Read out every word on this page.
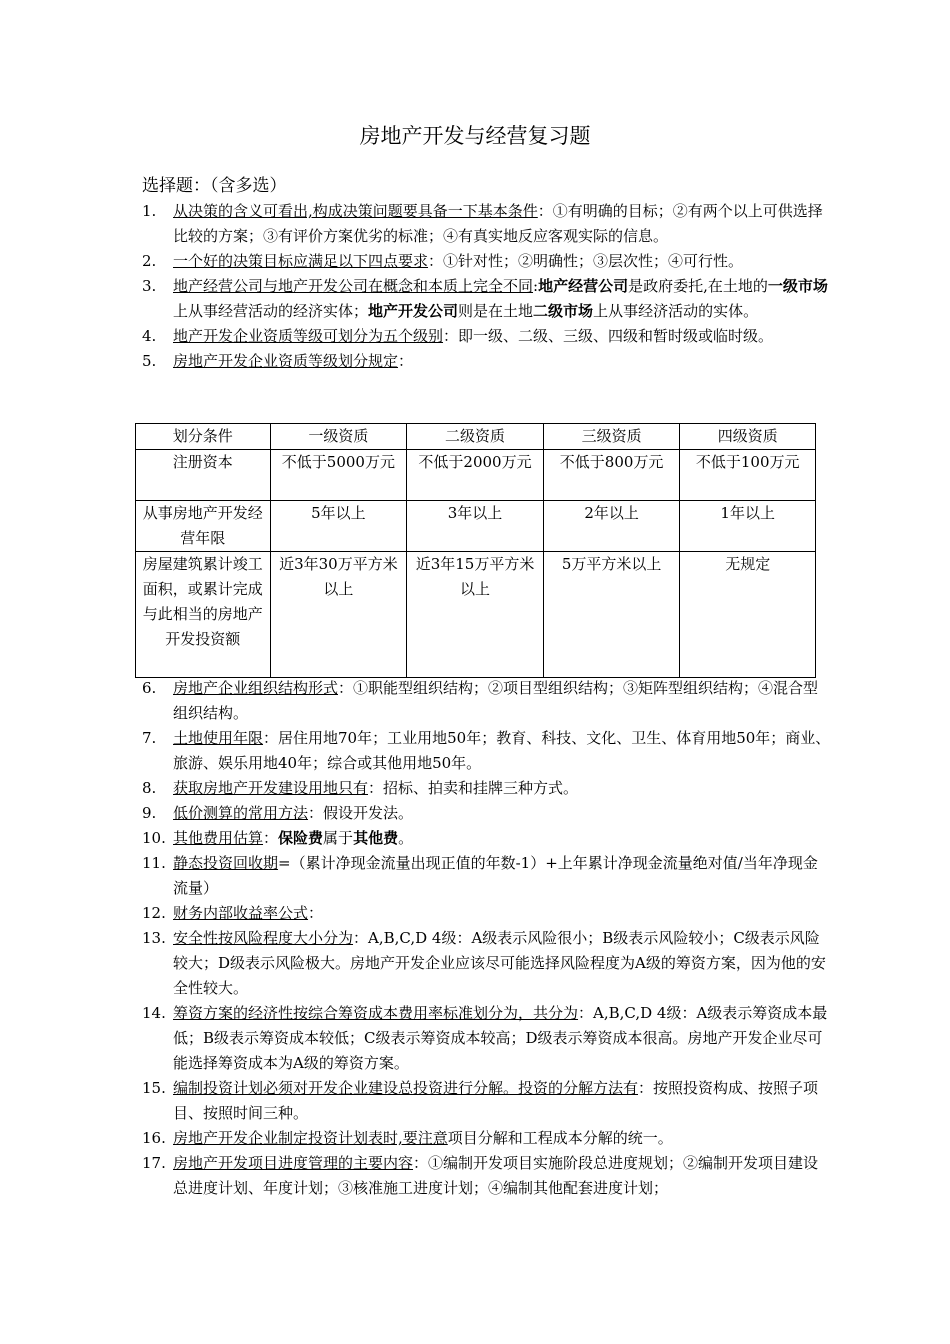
房地产开发与经营复习题
选择题：（含多选）
1. 从决策的含义可看出,构成决策问题要具备一下基本条件：①有明确的目标；②有两个以上可供选择比较的方案；③有评价方案优劣的标准；④有真实地反应客观实际的信息。
2. 一个好的决策目标应满足以下四点要求：①针对性；②明确性；③层次性；④可行性。
3. 地产经营公司与地产开发公司在概念和本质上完全不同:地产经营公司是政府委托,在土地的一级市场上从事经营活动的经济实体；地产开发公司则是在土地二级市场上从事经济活动的实体。
4. 地产开发企业资质等级可划分为五个级别：即一级、二级、三级、四级和暂时级或临时级。
5. 房地产开发企业资质等级划分规定：
划分条件	一级资质	二级资质	三级资质	四级资质
注册资本	不低于5000万元	不低于2000万元	不低于800万元	不低于100万元
从事房地产开发经营年限	5年以上	3年以上	2年以上	1年以上
房屋建筑累计竣工面积，或累计完成与此相当的房地产开发投资额	近3年30万平方米以上	近3年15万平方米以上	5万平方米以上	无规定
6. 房地产企业组织结构形式：①职能型组织结构；②项目型组织结构；③矩阵型组织结构；④混合型组织结构。
7. 土地使用年限：居住用地70年；工业用地50年；教育、科技、文化、卫生、体育用地50年；商业、旅游、娱乐用地40年；综合或其他用地50年。
8. 获取房地产开发建设用地只有：招标、拍卖和挂牌三种方式。
9. 低价测算的常用方法：假设开发法。
10. 其他费用估算：保险费属于其他费。
11. 静态投资回收期=（累计净现金流量出现正值的年数-1）+上年累计净现金流量绝对值/当年净现金流量）
12. 财务内部收益率公式：
13. 安全性按风险程度大小分为：A,B,C,D 4级：A级表示风险很小；B级表示风险较小；C级表示风险较大；D级表示风险极大。房地产开发企业应该尽可能选择风险程度为A级的筹资方案，因为他的安全性较大。
14. 筹资方案的经济性按综合筹资成本费用率标准划分为，共分为：A,B,C,D 4级：A级表示筹资成本最低；B级表示筹资成本较低；C级表示筹资成本较高；D级表示筹资成本很高。房地产开发企业尽可能选择筹资成本为A级的筹资方案。
15. 编制投资计划必须对开发企业建设总投资进行分解。投资的分解方法有：按照投资构成、按照子项目、按照时间三种。
16. 房地产开发企业制定投资计划表时,要注意项目分解和工程成本分解的统一。
17. 房地产开发项目进度管理的主要内容：①编制开发项目实施阶段总进度规划；②编制开发项目建设总进度计划、年度计划；③核准施工进度计划；④编制其他配套进度计划；
